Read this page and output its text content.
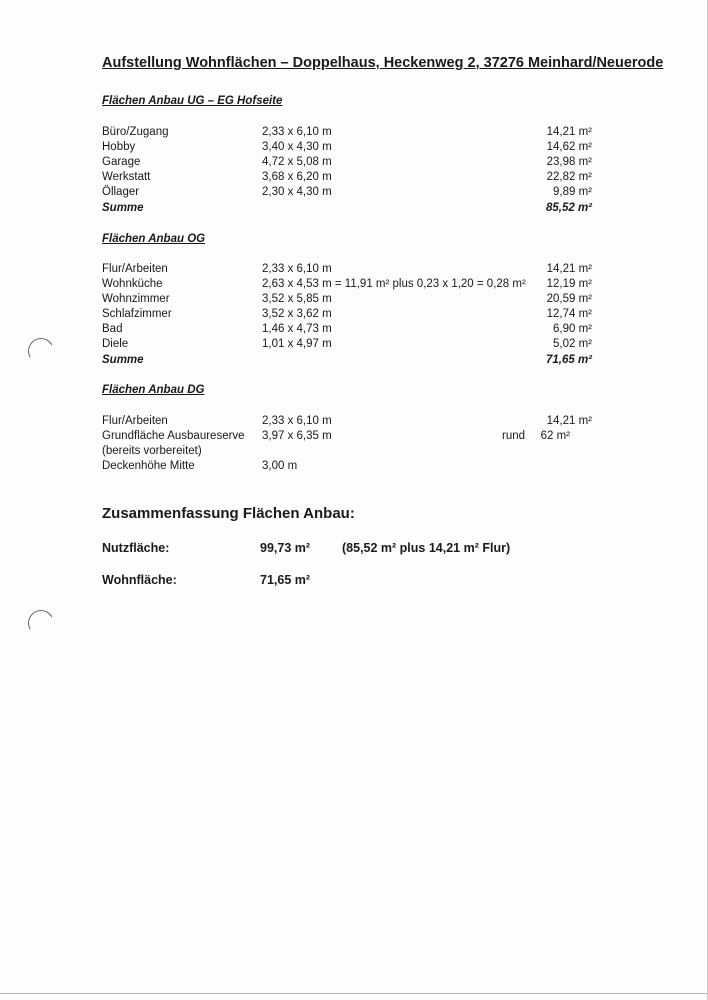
Aufstellung Wohnflächen – Doppelhaus, Heckenweg 2, 37276 Meinhard/Neuerode
Flächen Anbau UG – EG Hofseite
Büro/Zugang	2,33 x 6,10 m	14,21 m²
Hobby	3,40 x 4,30 m	14,62 m²
Garage	4,72 x 5,08 m	23,98 m²
Werkstatt	3,68 x 6,20 m	22,82 m²
Öllager	2,30 x 4,30 m	9,89 m²
Summe	85,52 m²
Flächen Anbau OG
Flur/Arbeiten	2,33 x 6,10 m	14,21 m²
Wohnküche	2,63 x 4,53 m = 11,91 m² plus 0,23 x 1,20 = 0,28 m² 12,19 m²
Wohnzimmer	3,52 x 5,85 m	20,59 m²
Schlafzimmer	3,52 x 3,62 m	12,74 m²
Bad	1,46 x 4,73 m	6,90 m²
Diele	1,01 x 4,97 m	5,02 m²
Summe	71,65 m²
Flächen Anbau DG
Flur/Arbeiten	2,33 x 6,10 m	14,21 m²
Grundfläche Ausbaureserve 3,97 x 6,35 m	rund 62 m²
(bereits vorbereitet)
Deckenhöhe Mitte	3,00 m
Zusammenfassung Flächen Anbau:
Nutzfläche:	99,73 m²	(85,52 m² plus 14,21 m² Flur)
Wohnfläche:	71,65 m²
